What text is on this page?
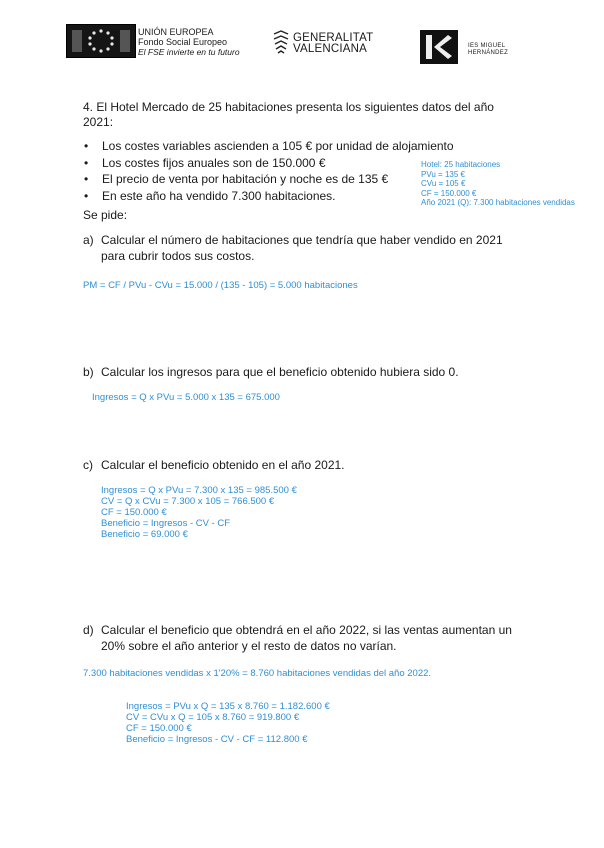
UNIÓN EUROPEA
Fondo Social Europeo
El FSE invierte en tu futuro
GENERALITAT
VALENCIANA	IES MIGUEL
HERNÁNDEZ
4. El Hotel Mercado de 25 habitaciones presenta los siguientes datos del año 2021:
• Los costes variables ascienden a 105 € por unidad de alojamiento
• Los costes fijos anuales son de 150.000 €
• El precio de venta por habitación y noche es de 135 €
• En este año ha vendido 7.300 habitaciones.
Hotel: 25 habitaciones
PVu = 135 €
CVu = 105 €
CF = 150.000 €
Año 2021 (Q): 7.300 habitaciones vendidas
Se pide:
a) Calcular el número de habitaciones que tendría que haber vendido en 2021
para cubrir todos sus costos.
PM = CF / PVu - CVu = 15.000 / (135 - 105) = 5.000 habitaciones
b) Calcular los ingresos para que el beneficio obtenido hubiera sido 0.
Ingresos = Q x PVu = 5.000 x 135 = 675.000
c) Calcular el beneficio obtenido en el año 2021.
Ingresos = Q x PVu = 7.300 x 135 = 985.500 €
CV = Q x CVu = 7.300 x 105 = 766.500 €
CF = 150.000 €
Beneficio = Ingresos - CV - CF
Beneficio = 69.000 €
d) Calcular el beneficio que obtendrá en el año 2022, si las ventas aumentan un
20% sobre el año anterior y el resto de datos no varían.
7.300 habitaciones vendidas x 1'20% = 8.760 habitaciones vendidas del año 2022.
Ingresos = PVu x Q = 135 x 8.760 = 1.182.600 €
CV = CVu x Q = 105 x 8.760 = 919.800 €
CF = 150.000 €
Beneficio = Ingresos - CV - CF = 112.800 €
